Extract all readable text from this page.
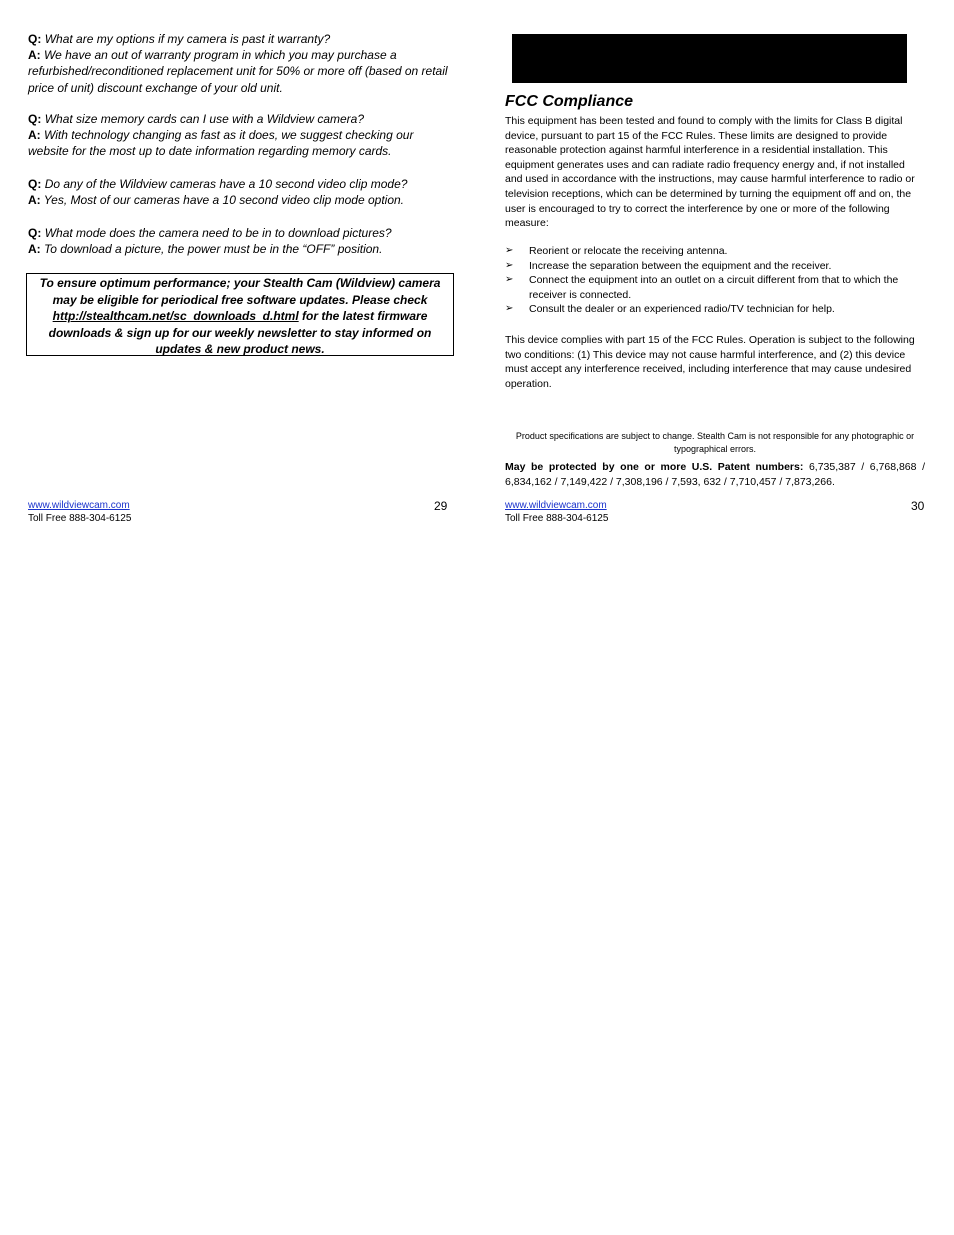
Q: What are my options if my camera is past it warranty?
A: We have an out of warranty program in which you may purchase a refurbished/reconditioned replacement unit for 50% or more off (based on retail price of unit) discount exchange of your old unit.
Q: What size memory cards can I use with a Wildview camera?
A: With technology changing as fast as it does, we suggest checking our website for the most up to date information regarding memory cards.
Q: Do any of the Wildview cameras have a 10 second video clip mode?
A: Yes, Most of our cameras have a 10 second video clip mode option.
Q: What mode does the camera need to be in to download pictures?
A: To download a picture, the power must be in the “OFF” position.
To ensure optimum performance; your Stealth Cam (Wildview) camera may be eligible for periodical free software updates. Please check http://stealthcam.net/sc_downloads_d.html for the latest firmware downloads & sign up for our weekly newsletter to stay informed on updates & new product news.
www.wildviewcam.com
Toll Free 888-304-6125
29
FCC Compliance
This equipment has been tested and found to comply with the limits for Class B digital device, pursuant to part 15 of the FCC Rules. These limits are designed to provide reasonable protection against harmful interference in a residential installation. This equipment generates uses and can radiate radio frequency energy and, if not installed and used in accordance with the instructions, may cause harmful interference to radio or television receptions, which can be determined by turning the equipment off and on, the user is encouraged to try to correct the interference by one or more of the following measure:
➢ Reorient or relocate the receiving antenna.
➢ Increase the separation between the equipment and the receiver.
➢ Connect the equipment into an outlet on a circuit different from that to which the receiver is connected.
➢ Consult the dealer or an experienced radio/TV technician for help.
This device complies with part 15 of the FCC Rules. Operation is subject to the following two conditions: (1) This device may not cause harmful interference, and (2) this device must accept any interference received, including interference that may cause undesired operation.
Product specifications are subject to change. Stealth Cam is not responsible for any photographic or typographical errors.
May be protected by one or more U.S. Patent numbers: 6,735,387 / 6,768,868 / 6,834,162 / 7,149,422 / 7,308,196 / 7,593, 632 / 7,710,457 / 7,873,266.
www.wildviewcam.com
Toll Free 888-304-6125
30
